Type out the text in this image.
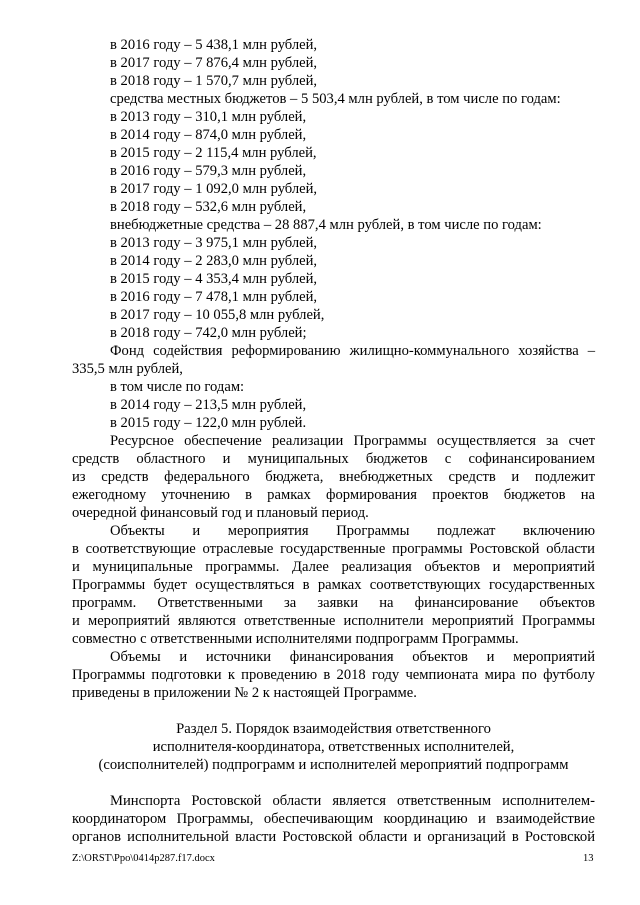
в 2016 году – 5 438,1 млн рублей,
в 2017 году – 7 876,4 млн рублей,
в 2018 году – 1 570,7 млн рублей,
средства местных бюджетов – 5 503,4 млн рублей, в том числе по годам:
в 2013 году – 310,1 млн рублей,
в 2014 году – 874,0 млн рублей,
в 2015 году – 2 115,4 млн рублей,
в 2016 году – 579,3 млн рублей,
в 2017 году – 1 092,0 млн рублей,
в 2018 году – 532,6 млн рублей,
внебюджетные средства – 28 887,4 млн рублей, в том числе по годам:
в 2013 году – 3 975,1 млн рублей,
в 2014 году – 2 283,0 млн рублей,
в 2015 году – 4 353,4 млн рублей,
в 2016 году – 7 478,1 млн рублей,
в 2017 году – 10 055,8 млн рублей,
в 2018 году – 742,0 млн рублей;
Фонд содействия реформированию жилищно-коммунального хозяйства –
335,5 млн рублей,
в том числе по годам:
в 2014 году – 213,5 млн рублей,
в 2015 году – 122,0 млн рублей.
Ресурсное обеспечение реализации Программы осуществляется за счет
средств областного и муниципальных бюджетов с софинансированием
из средств федерального бюджета, внебюджетных средств и подлежит
ежегодному уточнению в рамках формирования проектов бюджетов на
очередной финансовый год и плановый период.
Объекты и мероприятия Программы подлежат включению
в соответствующие отраслевые государственные программы Ростовской области
и муниципальные программы. Далее реализация объектов и мероприятий
Программы будет осуществляться в рамках соответствующих государственных
программ. Ответственными за заявки на финансирование объектов
и мероприятий являются ответственные исполнители мероприятий Программы
совместно с ответственными исполнителями подпрограмм Программы.
Объемы и источники финансирования объектов и мероприятий
Программы подготовки к проведению в 2018 году чемпионата мира по футболу
приведены в приложении № 2 к настоящей Программе.
Раздел 5. Порядок взаимодействия ответственного
исполнителя-координатора, ответственных исполнителей,
(соисполнителей) подпрограмм и исполнителей мероприятий подпрограмм
Минспорта Ростовской области является ответственным исполнителем-
координатором Программы, обеспечивающим координацию и взаимодействие
органов исполнительной власти Ростовской области и организаций в Ростовской
Z:\ORST\Ppo\0414p287.f17.docx	13
